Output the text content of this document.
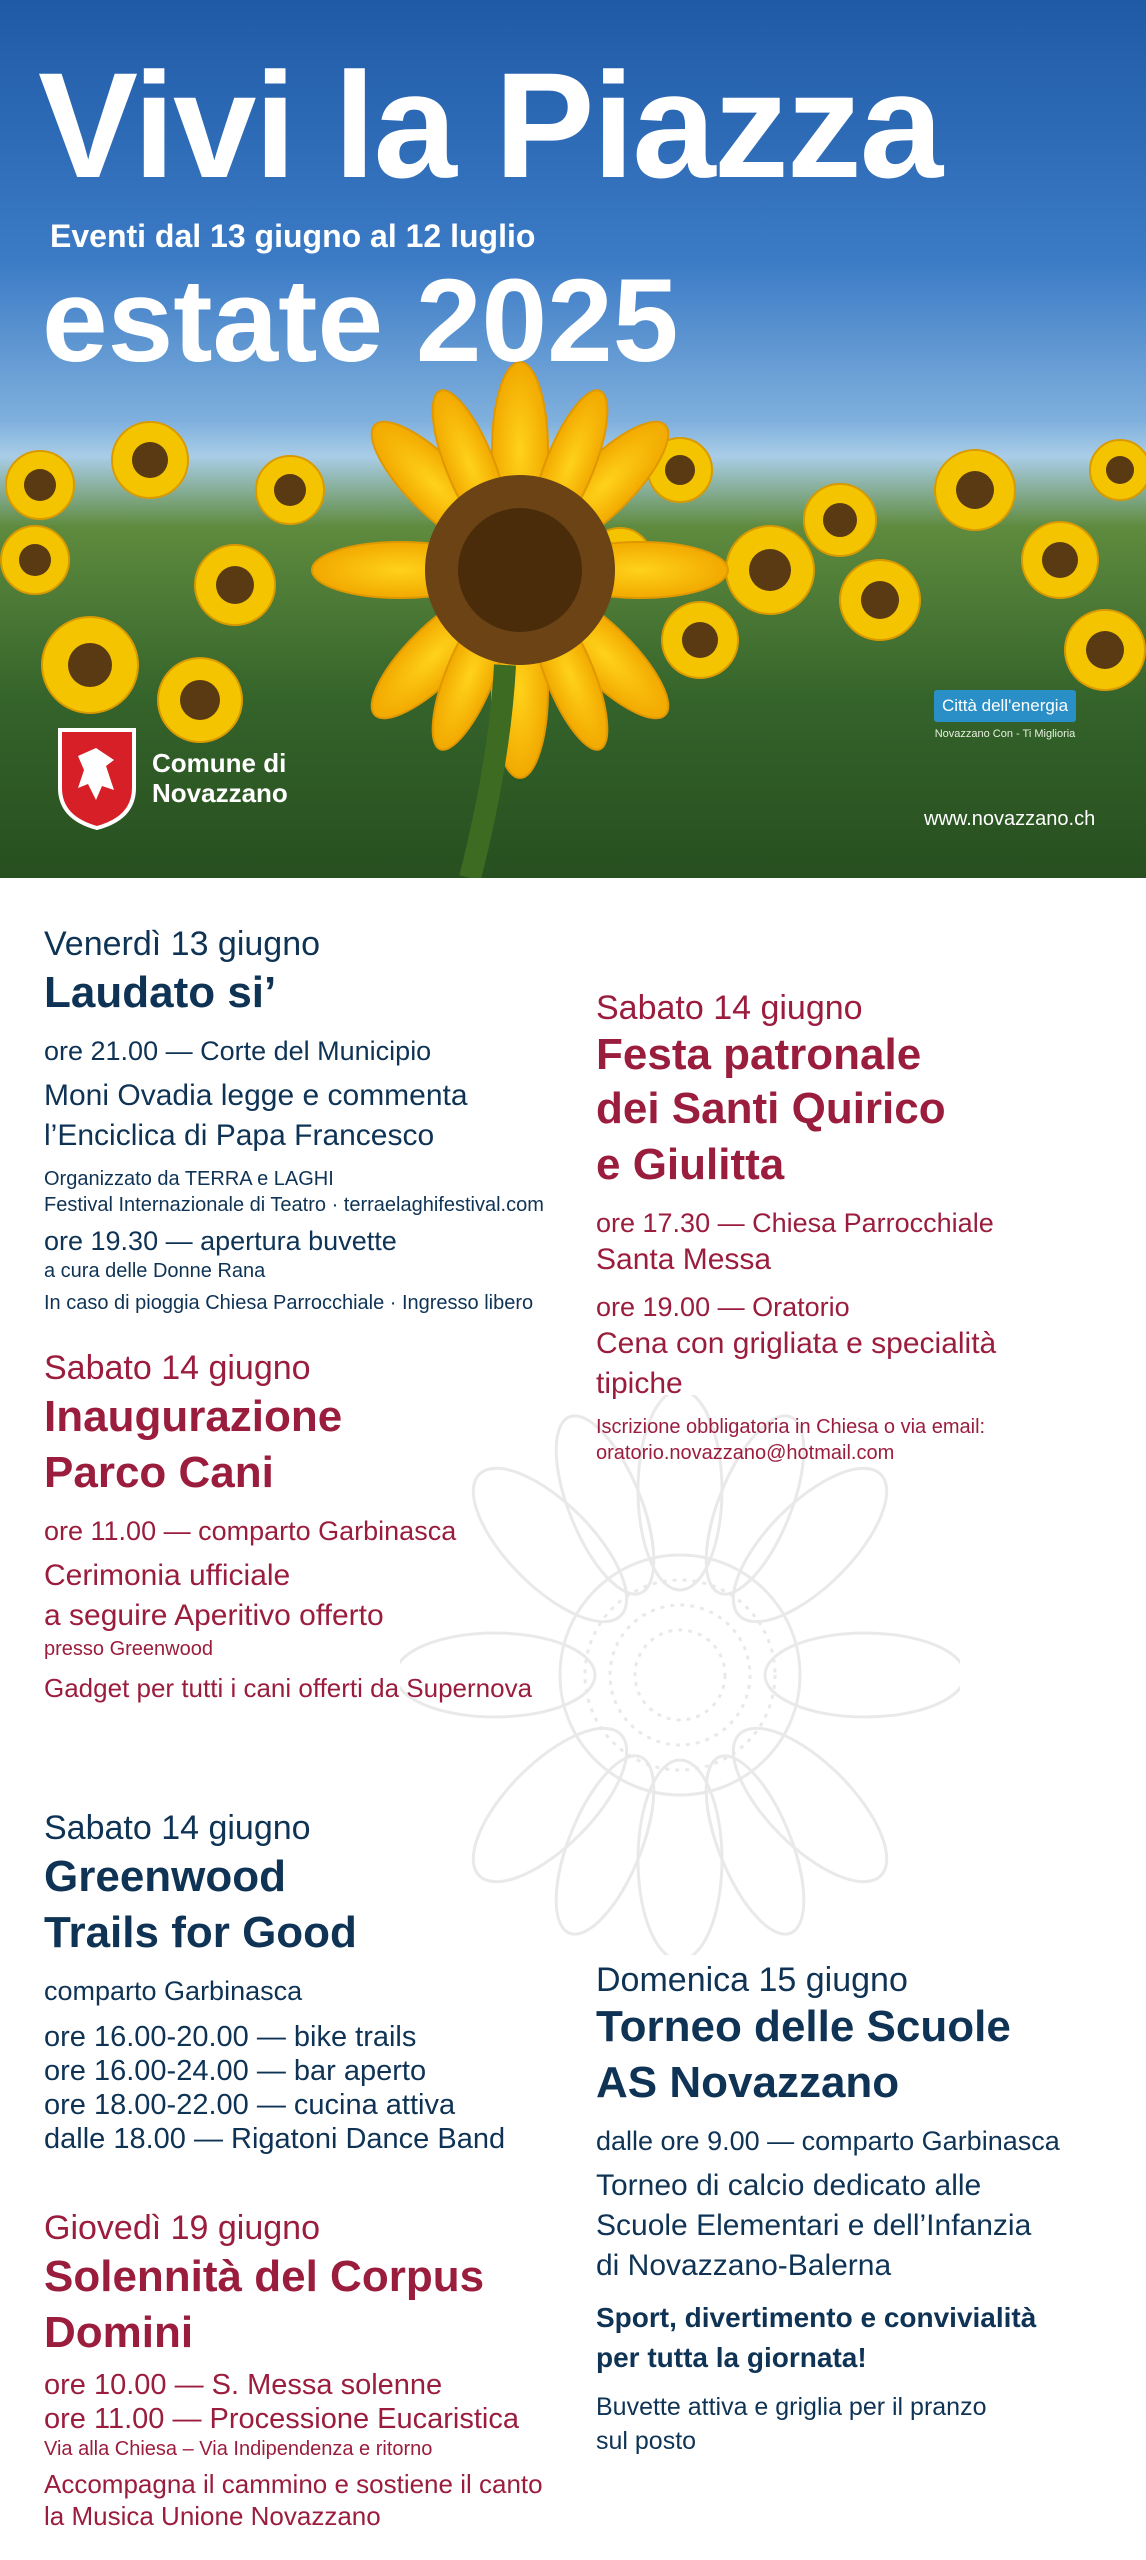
Vivi la Piazza
Eventi dal 13 giugno al 12 luglio
estate 2025
Comune di
Novazzano
Città dell'energia
Novazzano Con - Ti Miglioria
www.novazzano.ch

Venerdì 13 giugno

Laudato si’

ore 21.00 — Corte del Municipio

Moni Ovadia legge e commenta

l’Enciclica di Papa Francesco

Organizzato da TERRA e LAGHI

Festival Internazionale di Teatro · terraelaghifestival.com

ore 19.30 — apertura buvette

a cura delle Donne Rana

In caso di pioggia Chiesa Parrocchiale · Ingresso libero

Sabato 14 giugno

Inaugurazione

Parco Cani

ore 11.00 — comparto Garbinasca

Cerimonia ufficiale

a seguire Aperitivo offerto

presso Greenwood

Gadget per tutti i cani offerti da Supernova

Sabato 14 giugno

Greenwood

Trails for Good

comparto Garbinasca

ore 16.00-20.00 — bike trails

ore 16.00-24.00 — bar aperto

ore 18.00-22.00 — cucina attiva

dalle 18.00 — Rigatoni Dance Band

Giovedì 19 giugno

Solennità del Corpus

Domini

ore 10.00 — S. Messa solenne

ore 11.00 — Processione Eucaristica

Via alla Chiesa – Via Indipendenza e ritorno

Accompagna il cammino e sostiene il canto

la Musica Unione Novazzano

Sabato 14 giugno

Festa patronale

dei Santi Quirico

e Giulitta

ore 17.30 — Chiesa Parrocchiale

Santa Messa

ore 19.00 — Oratorio

Cena con grigliata e specialità

tipiche

Iscrizione obbligatoria in Chiesa o via email:

oratorio.novazzano@hotmail.com

Domenica 15 giugno

Torneo delle Scuole

AS Novazzano

dalle ore 9.00 — comparto Garbinasca

Torneo di calcio dedicato alle

Scuole Elementari e dell’Infanzia

di Novazzano-Balerna

Sport, divertimento e convivialità

per tutta la giornata!

Buvette attiva e griglia per il pranzo

sul posto
